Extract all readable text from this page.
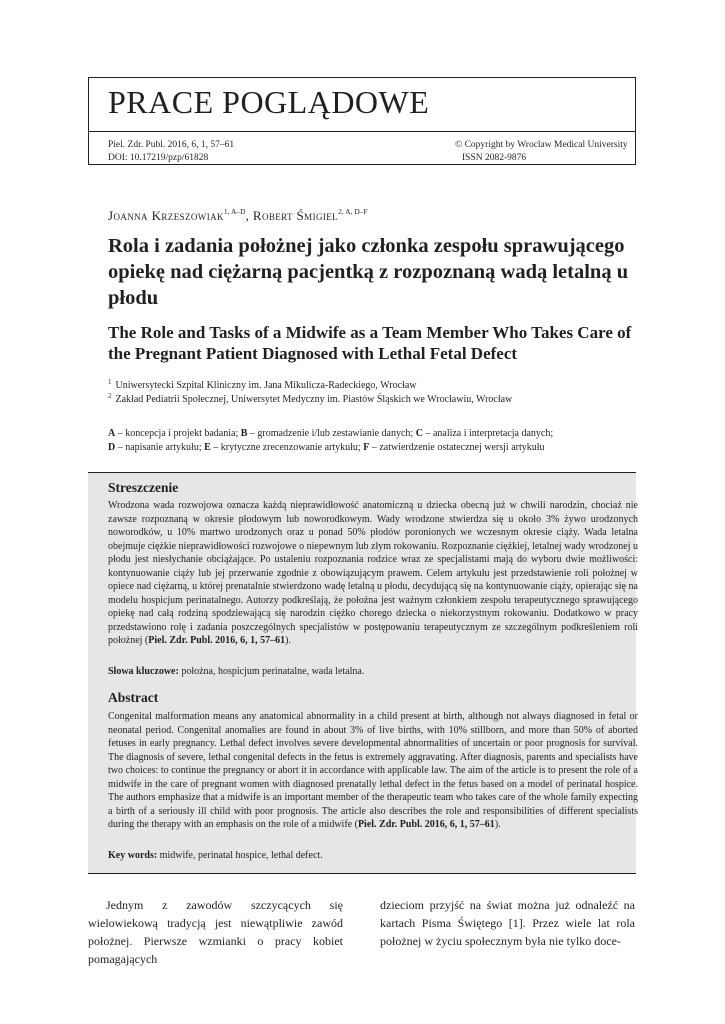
PRACE POGLĄDOWE
Piel. Zdr. Publ. 2016, 6, 1, 57–61
DOI: 10.17219/pzp/61828
© Copyright by Wroclaw Medical University
ISSN 2082-9876
Joanna Krzeszowiak$^{1, A-D}$, Robert Śmigiel$^{2, A, D-F}$
Rola i zadania położnej jako członka zespołu sprawującego opiekę nad ciężarną pacjentką z rozpoznaną wadą letalną u płodu
The Role and Tasks of a Midwife as a Team Member Who Takes Care of the Pregnant Patient Diagnosed with Lethal Fetal Defect
$^1$ Uniwersytecki Szpital Kliniczny im. Jana Mikulicza-Radeckiego, Wrocław
$^2$ Zakład Pediatrii Społecznej, Uniwersytet Medyczny im. Piastów Śląskich we Wrocławiu, Wrocław
A – koncepcja i projekt badania; B – gromadzenie i/lub zestawianie danych; C – analiza i interpretacja danych;
D – napisanie artykułu; E – krytyczne zrecenzowanie artykułu; F – zatwierdzenie ostatecznej wersji artykułu
Streszczenie

Wrodzona wada rozwojowa oznacza każdą nieprawidłowość anatomiczną u dziecka obecną już w chwili narodzin, chociaż nie zawsze rozpoznaną w okresie płodowym lub noworodkowym. Wady wrodzone stwierdza się u około 3% żywo urodzonych noworodków, u 10% martwo urodzonych oraz u ponad 50% płodów poronionych we wczesnym okresie ciąży. Wada letalna obejmuje ciężkie nieprawidłowości rozwojowe o niepewnym lub złym rokowaniu. Rozpoznanie ciężkiej, letalnej wady wrodzonej u płodu jest niesłychanie obciążające. Po ustaleniu rozpoznania rodzice wraz ze specjalistami mają do wyboru dwie możliwości: kontynuowanie ciąży lub jej przerwanie zgodnie z obowiązującym prawem. Celem artykułu jest przedstawienie roli położnej w opiece nad ciężarną, u której prenatalnie stwierdzono wadę letalną u płodu, decydującą się na kontynuowanie ciąży, opierając się na modelu hospicjum perinatalnego. Autorzy podkreślają, że położna jest ważnym członkiem zespołu terapeutycznego sprawującego opiekę nad całą rodziną spodziewającą się narodzin ciężko chorego dziecka o niekorzystnym rokowaniu. Dodatkowo w pracy przedstawiono rolę i zadania poszczególnych specjalistów w postępowaniu terapeutycznym ze szczególnym podkreśleniem roli położnej (Piel. Zdr. Publ. 2016, 6, 1, 57–61).

Słowa kluczowe: położna, hospicjum perinatalne, wada letalna.
Abstract

Congenital malformation means any anatomical abnormality in a child present at birth, although not always diagnosed in fetal or neonatal period. Congenital anomalies are found in about 3% of live births, with 10% stillborn, and more than 50% of aborted fetuses in early pregnancy. Lethal defect involves severe developmental abnormalities of uncertain or poor prognosis for survival. The diagnosis of severe, lethal congenital defects in the fetus is extremely aggravating. After diagnosis, parents and specialists have two choices: to continue the pregnancy or abort it in accordance with applicable law. The aim of the article is to present the role of a midwife in the care of pregnant women with diagnosed prenatally lethal defect in the fetus based on a model of perinatal hospice. The authors emphasize that a midwife is an important member of the therapeutic team who takes care of the whole family expecting a birth of a seriously ill child with poor prognosis. The article also describes the role and responsibilities of different specialists during the therapy with an emphasis on the role of a midwife (Piel. Zdr. Publ. 2016, 6, 1, 57–61).

Key words: midwife, perinatal hospice, lethal defect.

Jednym z zawodów szczycących się wielowiekową tradycją jest niewątpliwie zawód położnej. Pierwsze wzmianki o pracy kobiet pomagających

dzieciom przyjść na świat można już odnaleźć na kartach Pisma Świętego [1]. Przez wiele lat rola położnej w życiu społecznym była nie tylko doce-
